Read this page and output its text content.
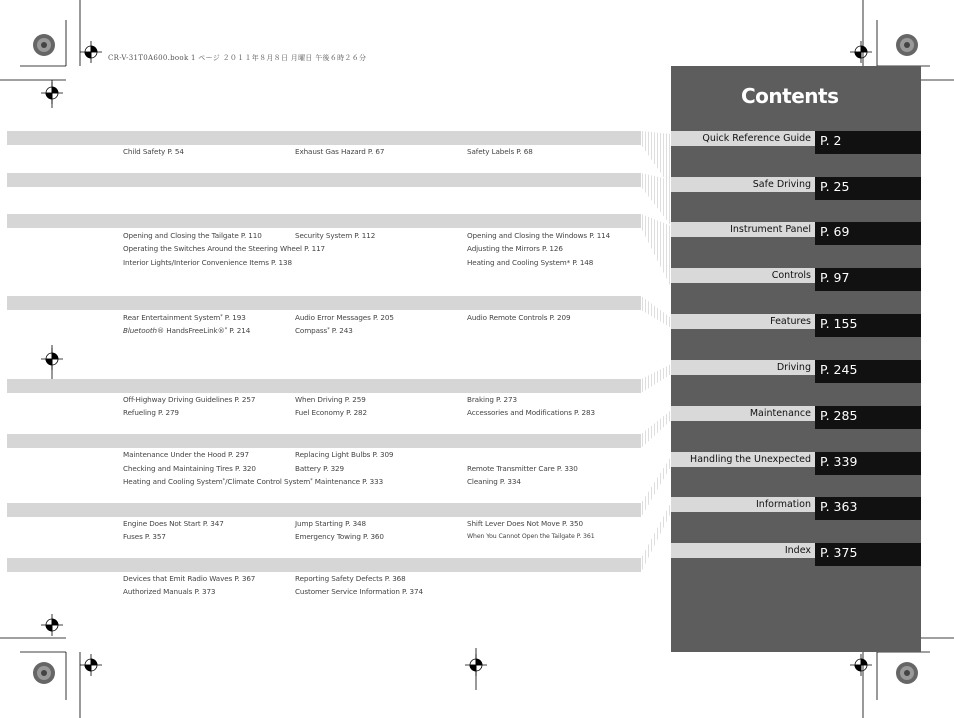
CR-V-31T0A600.book 1 ページ ２０１１年８月８日 月曜日 午後６時２６分
Child Safety P. 54	Exhaust Gas Hazard P. 67	Safety Labels P. 68
Opening and Closing the Tailgate P. 110	Security System P. 112	Opening and Closing the Windows P. 114
Operating the Switches Around the Steering Wheel P. 117	Adjusting the Mirrors P. 126
Interior Lights/Interior Convenience Items P. 138	Heating and Cooling System* P. 148
Rear Entertainment System* P. 193	Audio Error Messages P. 205	Audio Remote Controls P. 209
Bluetooth® HandsFreeLink®* P. 214	Compass* P. 243
Off-Highway Driving Guidelines P. 257	When Driving P. 259	Braking P. 273
Refueling P. 279	Fuel Economy P. 282	Accessories and Modifications P. 283
Maintenance Under the Hood P. 297	Replacing Light Bulbs P. 309
Checking and Maintaining Tires P. 320	Battery P. 329	Remote Transmitter Care P. 330
Heating and Cooling System*/Climate Control System* Maintenance P. 333	Cleaning P. 334
Engine Does Not Start P. 347	Jump Starting P. 348	Shift Lever Does Not Move P. 350
Fuses P. 357	Emergency Towing P. 360	When You Cannot Open the Tailgate P. 361
Devices that Emit Radio Waves P. 367	Reporting Safety Defects P. 368
Authorized Manuals P. 373	Customer Service Information P. 374
Contents
Quick Reference Guide P. 2
Safe Driving P. 25
Instrument Panel P. 69
Controls P. 97
Features P. 155
Driving P. 245
Maintenance P. 285
Handling the Unexpected P. 339
Information P. 363
Index P. 375
